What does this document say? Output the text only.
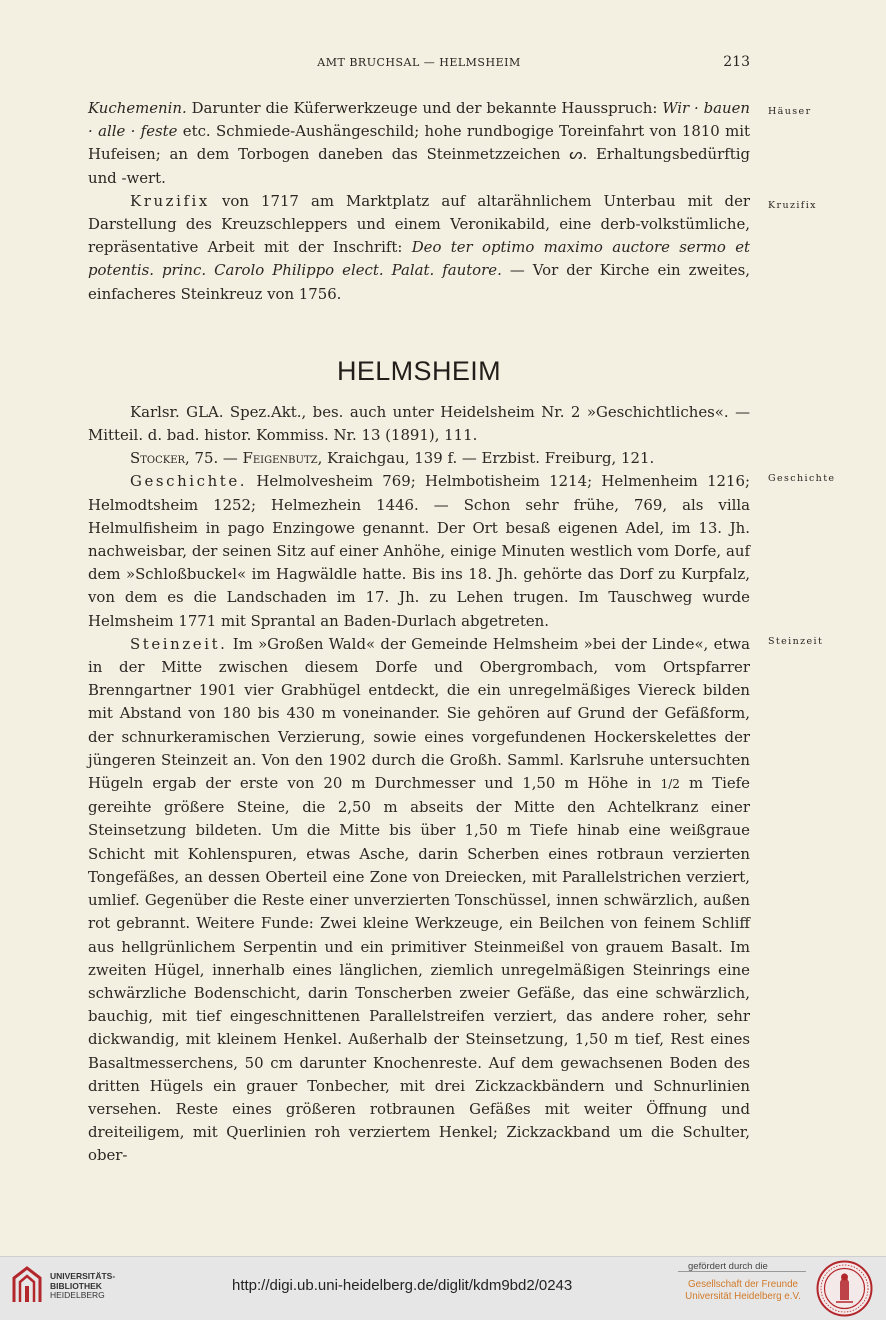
AMT BRUCHSAL — HELMSHEIM	213
Häuser
Kruzifix
Geschichte
Steinzeit

Kuchemenin. Darunter die Küferwerkzeuge und der bekannte Hausspruch: Wir · bauen · alle · feste etc. Schmiede-Aushängeschild; hohe rundbogige Toreinfahrt von 1810 mit Hufeisen; an dem Torbogen daneben das Steinmetzzeichen ᔕ. Erhaltungsbedürftig und -wert.

Kruzifix von 1717 am Marktplatz auf altarähnlichem Unterbau mit der Darstellung des Kreuzschleppers und einem Veronikabild, eine derb-volkstümliche, repräsentative Arbeit mit der Inschrift: Deo ter optimo maximo auctore sermo et potentis. princ. Carolo Philippo elect. Palat. fautore. — Vor der Kirche ein zweites, einfacheres Steinkreuz von 1756.

HELMSHEIM

Karlsr. GLA. Spez.Akt., bes. auch unter Heidelsheim Nr. 2 »Geschichtliches«. — Mitteil. d. bad. histor. Kommiss. Nr. 13 (1891), 111.

Stocker, 75. — Feigenbutz, Kraichgau, 139 f. — Erzbist. Freiburg, 121.

Geschichte. Helmolvesheim 769; Helmbotisheim 1214; Helmenheim 1216; Helmodtsheim 1252; Helmezhein 1446. — Schon sehr frühe, 769, als villa Helmulfisheim in pago Enzingowe genannt. Der Ort besaß eigenen Adel, im 13. Jh. nachweisbar, der seinen Sitz auf einer Anhöhe, einige Minuten westlich vom Dorfe, auf dem »Schloßbuckel« im Hagwäldle hatte. Bis ins 18. Jh. gehörte das Dorf zu Kurpfalz, von dem es die Landschaden im 17. Jh. zu Lehen trugen. Im Tauschweg wurde Helmsheim 1771 mit Sprantal an Baden-Durlach abgetreten.

Steinzeit. Im »Großen Wald« der Gemeinde Helmsheim »bei der Linde«, etwa in der Mitte zwischen diesem Dorfe und Obergrombach, vom Ortspfarrer Brenngartner 1901 vier Grabhügel entdeckt, die ein unregelmäßiges Viereck bilden mit Abstand von 180 bis 430 m voneinander. Sie gehören auf Grund der Gefäßform, der schnurkeramischen Verzierung, sowie eines vorgefundenen Hockerskelettes der jüngeren Steinzeit an. Von den 1902 durch die Großh. Samml. Karlsruhe untersuchten Hügeln ergab der erste von 20 m Durchmesser und 1,50 m Höhe in 1/2 m Tiefe gereihte größere Steine, die 2,50 m abseits der Mitte den Achtelkranz einer Steinsetzung bildeten. Um die Mitte bis über 1,50 m Tiefe hinab eine weißgraue Schicht mit Kohlenspuren, etwas Asche, darin Scherben eines rotbraun verzierten Tongefäßes, an dessen Oberteil eine Zone von Dreiecken, mit Parallelstrichen verziert, umlief. Gegenüber die Reste einer unverzierten Tonschüssel, innen schwärzlich, außen rot gebrannt. Weitere Funde: Zwei kleine Werkzeuge, ein Beilchen von feinem Schliff aus hellgrünlichem Serpentin und ein primitiver Steinmeißel von grauem Basalt. Im zweiten Hügel, innerhalb eines länglichen, ziemlich unregelmäßigen Steinrings eine schwärzliche Bodenschicht, darin Tonscherben zweier Gefäße, das eine schwärzlich, bauchig, mit tief eingeschnittenen Parallelstreifen verziert, das andere roher, sehr dickwandig, mit kleinem Henkel. Außerhalb der Steinsetzung, 1,50 m tief, Rest eines Basaltmesserchens, 50 cm darunter Knochenreste. Auf dem gewachsenen Boden des dritten Hügels ein grauer Tonbecher, mit drei Zickzackbändern und Schnurlinien versehen. Reste eines größeren rotbraunen Gefäßes mit weiter Öffnung und dreiteiligem, mit Querlinien roh verziertem Henkel; Zickzackband um die Schulter, ober-

UNIVERSITÄTS-
BIBLIOTHEK
HEIDELBERG
http://digi.ub.uni-heidelberg.de/diglit/kdm9bd2/0243
gefördert durch die
Gesellschaft der Freunde
Universität Heidelberg e.V.
